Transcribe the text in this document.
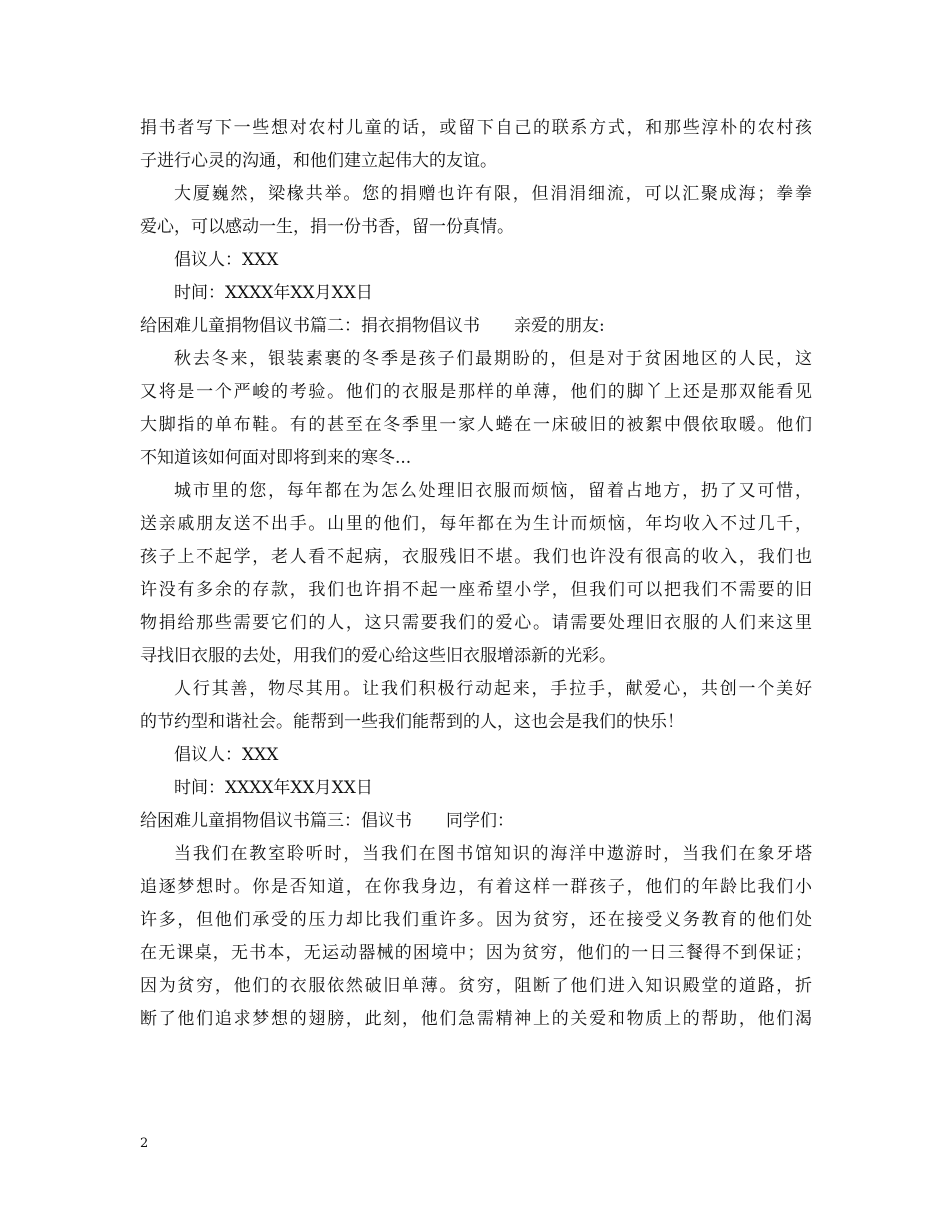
捐书者写下一些想对农村儿童的话，或留下自己的联系方式，和那些淳朴的农村孩
子进行心灵的沟通，和他们建立起伟大的友谊。
大厦巍然，梁椽共举。您的捐赠也许有限，但涓涓细流，可以汇聚成海；拳拳
爱心，可以感动一生，捐一份书香，留一份真情。
倡议人：XXX
时间：XXXX年XX月XX日
给困难儿童捐物倡议书篇二：捐衣捐物倡议书　　亲爱的朋友:
秋去冬来，银装素裹的冬季是孩子们最期盼的，但是对于贫困地区的人民，这
又将是一个严峻的考验。他们的衣服是那样的单薄，他们的脚丫上还是那双能看见
大脚指的单布鞋。有的甚至在冬季里一家人蜷在一床破旧的被絮中偎依取暖。他们
不知道该如何面对即将到来的寒冬...
城市里的您，每年都在为怎么处理旧衣服而烦恼，留着占地方，扔了又可惜，
送亲戚朋友送不出手。山里的他们，每年都在为生计而烦恼，年均收入不过几千，
孩子上不起学，老人看不起病，衣服残旧不堪。我们也许没有很高的收入，我们也
许没有多余的存款，我们也许捐不起一座希望小学，但我们可以把我们不需要的旧
物捐给那些需要它们的人，这只需要我们的爱心。请需要处理旧衣服的人们来这里
寻找旧衣服的去处，用我们的爱心给这些旧衣服增添新的光彩。
人行其善，物尽其用。让我们积极行动起来，手拉手，献爱心，共创一个美好
的节约型和谐社会。能帮到一些我们能帮到的人，这也会是我们的快乐！
倡议人：XXX
时间：XXXX年XX月XX日
给困难儿童捐物倡议书篇三：倡议书　　同学们：
当我们在教室聆听时，当我们在图书馆知识的海洋中遨游时，当我们在象牙塔
追逐梦想时。你是否知道，在你我身边，有着这样一群孩子，他们的年龄比我们小
许多，但他们承受的压力却比我们重许多。因为贫穷，还在接受义务教育的他们处
在无课桌，无书本，无运动器械的困境中；因为贫穷，他们的一日三餐得不到保证；
因为贫穷，他们的衣服依然破旧单薄。贫穷，阻断了他们进入知识殿堂的道路，折
断了他们追求梦想的翅膀，此刻，他们急需精神上的关爱和物质上的帮助，他们渴
2
